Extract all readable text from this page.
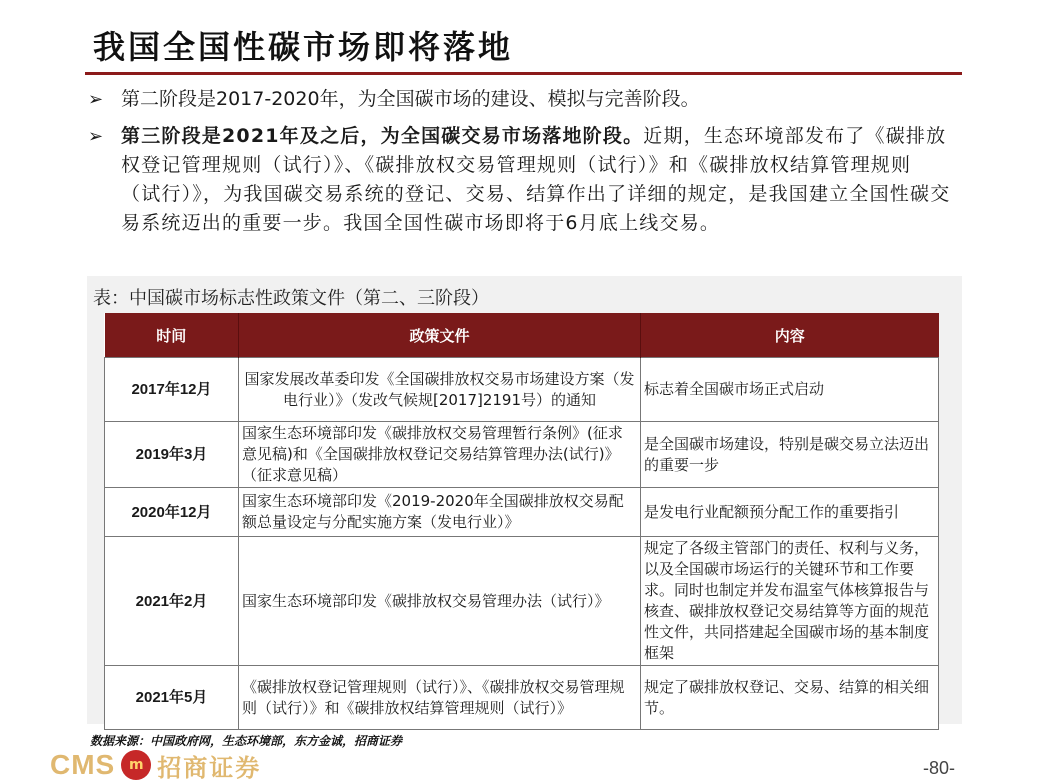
我国全国性碳市场即将落地
➢ 第二阶段是2017-2020年，为全国碳市场的建设、模拟与完善阶段。
➢ 第三阶段是2021年及之后，为全国碳交易市场落地阶段。近期，生态环境部发布了《碳排放权登记管理规则（试行）》、《碳排放权交易管理规则（试行）》和《碳排放权结算管理规则（试行）》，为我国碳交易系统的登记、交易、结算作出了详细的规定，是我国建立全国性碳交易系统迈出的重要一步。我国全国性碳市场即将于6月底上线交易。
表：中国碳市场标志性政策文件（第二、三阶段）
时间	政策文件	内容
2017年12月	国家发展改革委印发《全国碳排放权交易市场建设方案（发电行业）》（发改气候规[2017]2191号）的通知	标志着全国碳市场正式启动
2019年3月	国家生态环境部印发《碳排放权交易管理暂行条例》(征求意见稿)和《全国碳排放权登记交易结算管理办法(试行)》（征求意见稿）	是全国碳市场建设，特别是碳交易立法迈出的重要一步
2020年12月	国家生态环境部印发《2019-2020年全国碳排放权交易配额总量设定与分配实施方案（发电行业）》	是发电行业配额预分配工作的重要指引
2021年2月	国家生态环境部印发《碳排放权交易管理办法（试行）》	规定了各级主管部门的责任、权利与义务，以及全国碳市场运行的关键环节和工作要求。同时也制定并发布温室气体核算报告与核查、碳排放权登记交易结算等方面的规范性文件，共同搭建起全国碳市场的基本制度框架
2021年5月	《碳排放权登记管理规则（试行）》、《碳排放权交易管理规则（试行）》和《碳排放权结算管理规则（试行）》	规定了碳排放权登记、交易、结算的相关细节。
数据来源：中国政府网，生态环境部，东方金诚，招商证券
CMS m 招商证券	-80-
